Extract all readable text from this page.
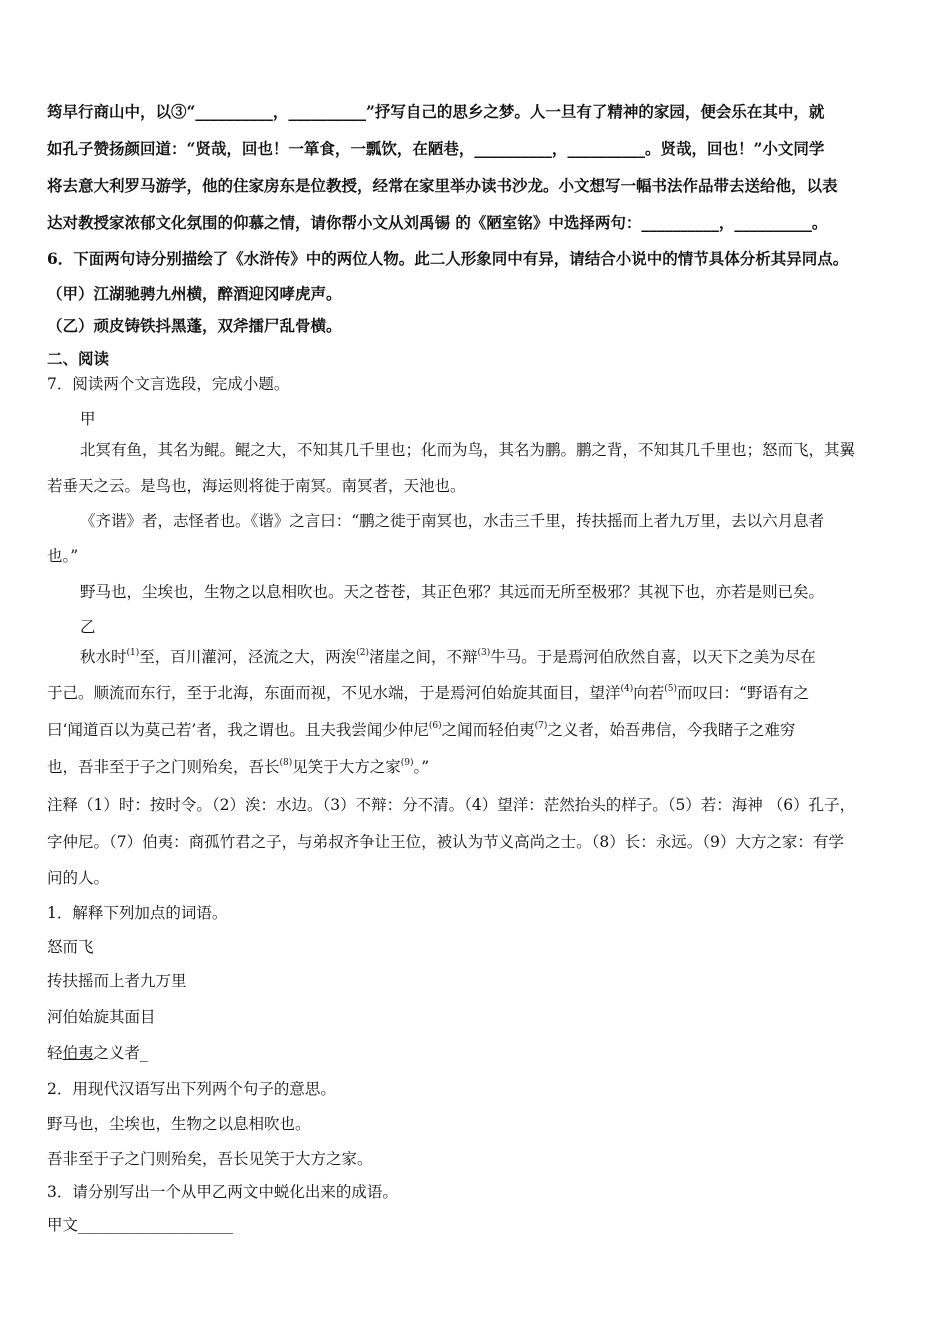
筠早行商山中，以③“__________，__________”抒写自己的思乡之梦。人一旦有了精神的家园，便会乐在其中，就
如孔子赞扬颜回道：“贤哉，回也！一箪食，一瓢饮，在陋巷，__________，__________。贤哉，回也！”小文同学
将去意大利罗马游学，他的住家房东是位教授，经常在家里举办读书沙龙。小文想写一幅书法作品带去送给他，以表
达对教授家浓郁文化氛围的仰慕之情，请你帮小文从刘禹锡 的《陋室铭》中选择两句：__________，__________。
6．下面两句诗分别描绘了《水浒传》中的两位人物。此二人形象同中有异，请结合小说中的情节具体分析其异同点。
（甲）江湖驰骋九州横，醉酒迎冈哮虎声。
（乙）顽皮铸铁抖黑蓬，双斧擂尸乱骨横。
二、阅读
7．阅读两个文言选段，完成小题。
甲
北冥有鱼，其名为鲲。鲲之大，不知其几千里也；化而为鸟，其名为鹏。鹏之背，不知其几千里也；怒而飞，其翼
若垂天之云。是鸟也，海运则将徙于南冥。南冥者，天池也。
《齐谐》者，志怪者也。《谐》之言曰：“鹏之徙于南冥也，水击三千里，抟扶摇而上者九万里，去以六月息者
也。”
野马也，尘埃也，生物之以息相吹也。天之苍苍，其正色邪？其远而无所至极邪？其视下也，亦若是则已矣。
乙
秋水时$^{(1)}$至，百川灌河，泾流之大，两涘$^{(2)}$渚崖之间，不辩$^{(3)}$牛马。于是焉河伯欣然自喜，以天下之美为尽在
于己。顺流而东行，至于北海，东面而视，不见水端，于是焉河伯始旋其面目，望洋$^{(4)}$向若$^{(5)}$而叹曰：“野语有之
曰‘闻道百以为莫己若’者，我之谓也。且夫我尝闻少仲尼$^{(6)}$之闻而轻伯夷$^{(7)}$之义者，始吾弗信，今我睹子之难穷
也，吾非至于子之门则殆矣，吾长$^{(8)}$见笑于大方之家$^{(9)}$。”
注释（1）时：按时令。（2）涘：水边。（3）不辩：分不清。（4）望洋：茫然抬头的样子。（5）若：海神 （6）孔子，
字仲尼。（7）伯夷：商孤竹君之子，与弟叔齐争让王位，被认为节义高尚之士。（8）长：永远。（9）大方之家：有学
问的人。
1．解释下列加点的词语。
怒而飞
抟扶摇而上者九万里
河伯始旋其面目
轻伯夷之义者_
2．用现代汉语写出下列两个句子的意思。
野马也，尘埃也，生物之以息相吹也。
吾非至于子之门则殆矣，吾长见笑于大方之家。
3．请分别写出一个从甲乙两文中蜕化出来的成语。
甲文____________________
